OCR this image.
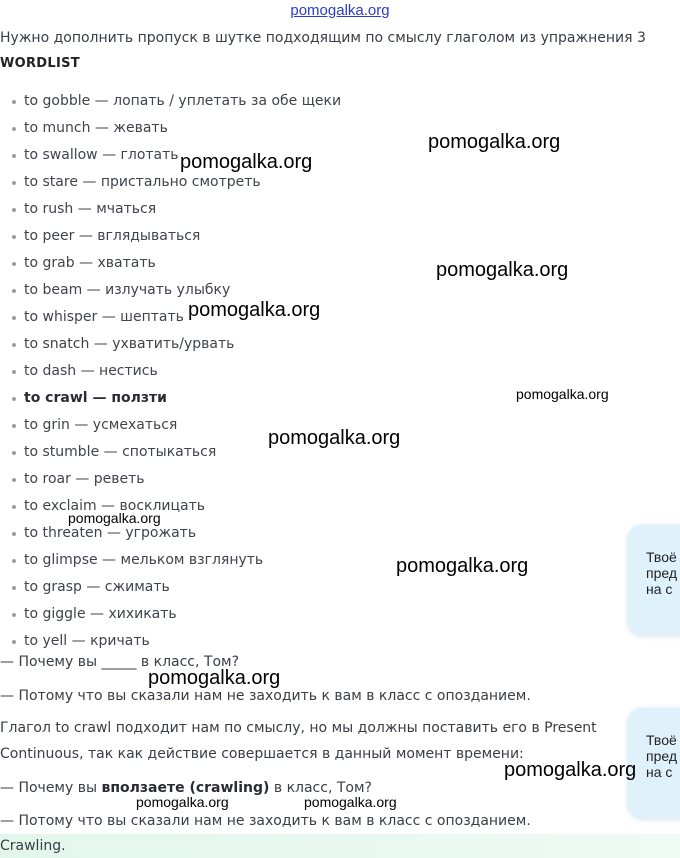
pomogalka.org
Нужно дополнить пропуск в шутке подходящим по смыслу глаголом из упражнения 3
WORDLIST
to gobble — лопать / уплетать за обе щеки
to munch — жевать
to swallow — глотать
to stare — пристально смотреть
to rush — мчаться
to peer — вглядываться
to grab — хватать
to beam — излучать улыбку
to whisper — шептать
to snatch — ухватить/урвать
to dash — нестись
to crawl — ползти
to grin — усмехаться
to stumble — спотыкаться
to roar — реветь
to exclaim — восклицать
to threaten — угрожать
to glimpse — мельком взглянуть
to grasp — сжимать
to giggle — хихикать
to yell — кричать
— Почему вы _____ в класс, Том?
— Потому что вы сказали нам не заходить к вам в класс с опозданием.
Глагол to crawl подходит нам по смыслу, но мы должны поставить его в Present
Continuous, так как действие совершается в данный момент времени:
— Почему вы вползаете (crawling) в класс, Том?
— Потому что вы сказали нам не заходить к вам в класс с опозданием.
Crawling.
Твоё
пред
на с
Твоё
пред
на с
pomogalka.org
pomogalka.org
pomogalka.org
pomogalka.org
pomogalka.org
pomogalka.org
pomogalka.org
pomogalka.org
pomogalka.org
pomogalka.org
pomogalka.org	pomogalka.org
